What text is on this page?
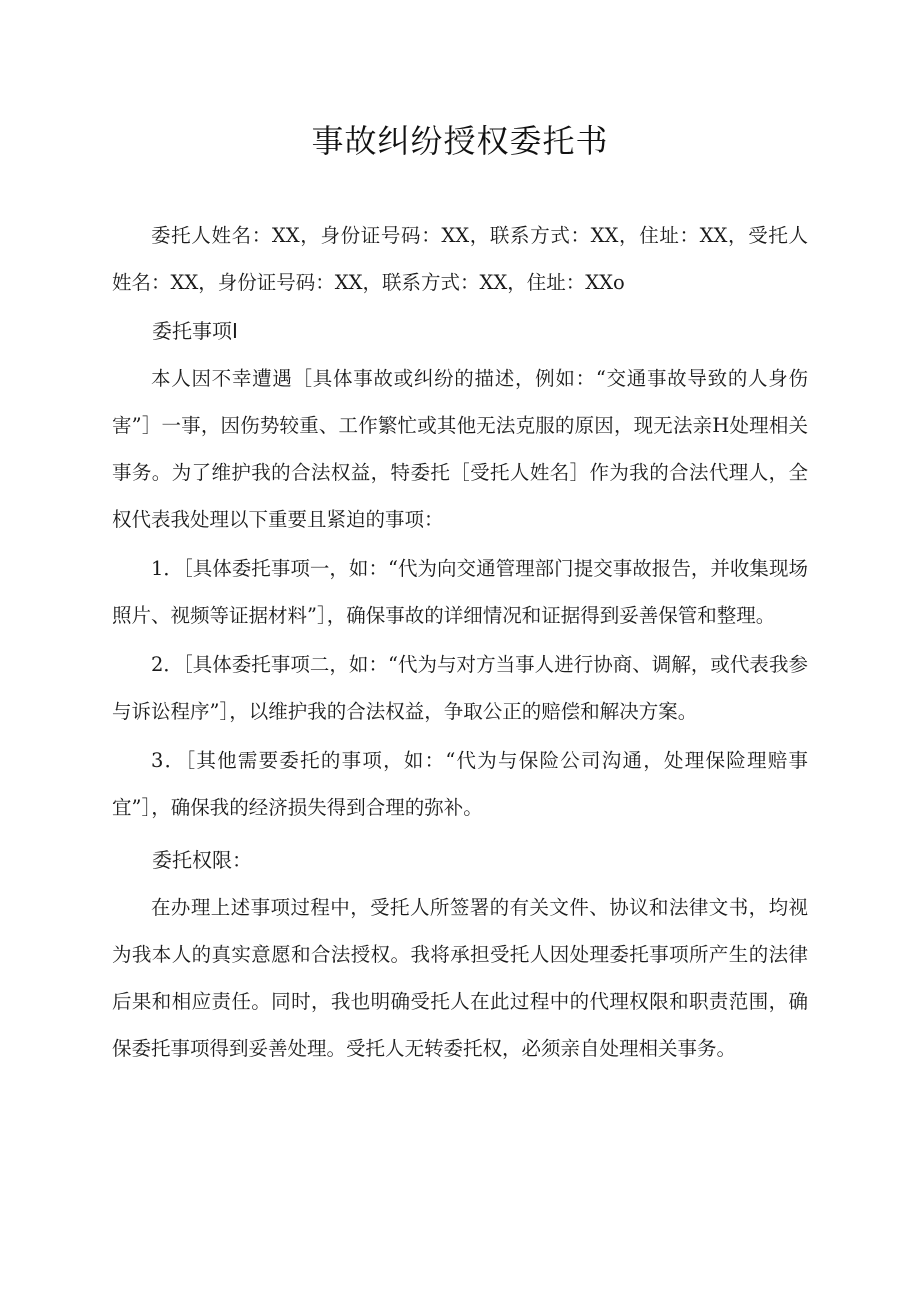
事故纠纷授权委托书

委托人姓名：XX，身份证号码：XX，联系方式：XX，住址：XX，受托人姓名：XX，身份证号码：XX，联系方式：XX，住址：XXo

委托事项I

本人因不幸遭遇［具体事故或纠纷的描述，例如：“交通事故导致的人身伤害”］一事，因伤势较重、工作繁忙或其他无法克服的原因，现无法亲H处理相关事务。为了维护我的合法权益，特委托［受托人姓名］作为我的合法代理人，全权代表我处理以下重要且紧迫的事项：

1．［具体委托事项一，如：“代为向交通管理部门提交事故报告，并收集现场照片、视频等证据材料”］，确保事故的详细情况和证据得到妥善保管和整理。

2．［具体委托事项二，如：“代为与对方当事人进行协商、调解，或代表我参与诉讼程序”］，以维护我的合法权益，争取公正的赔偿和解决方案。

3．［其他需要委托的事项，如：“代为与保险公司沟通，处理保险理赔事宜”］，确保我的经济损失得到合理的弥补。

委托权限：

在办理上述事项过程中，受托人所签署的有关文件、协议和法律文书，均视为我本人的真实意愿和合法授权。我将承担受托人因处理委托事项所产生的法律后果和相应责任。同时，我也明确受托人在此过程中的代理权限和职责范围，确保委托事项得到妥善处理。受托人无转委托权，必须亲自处理相关事务。
